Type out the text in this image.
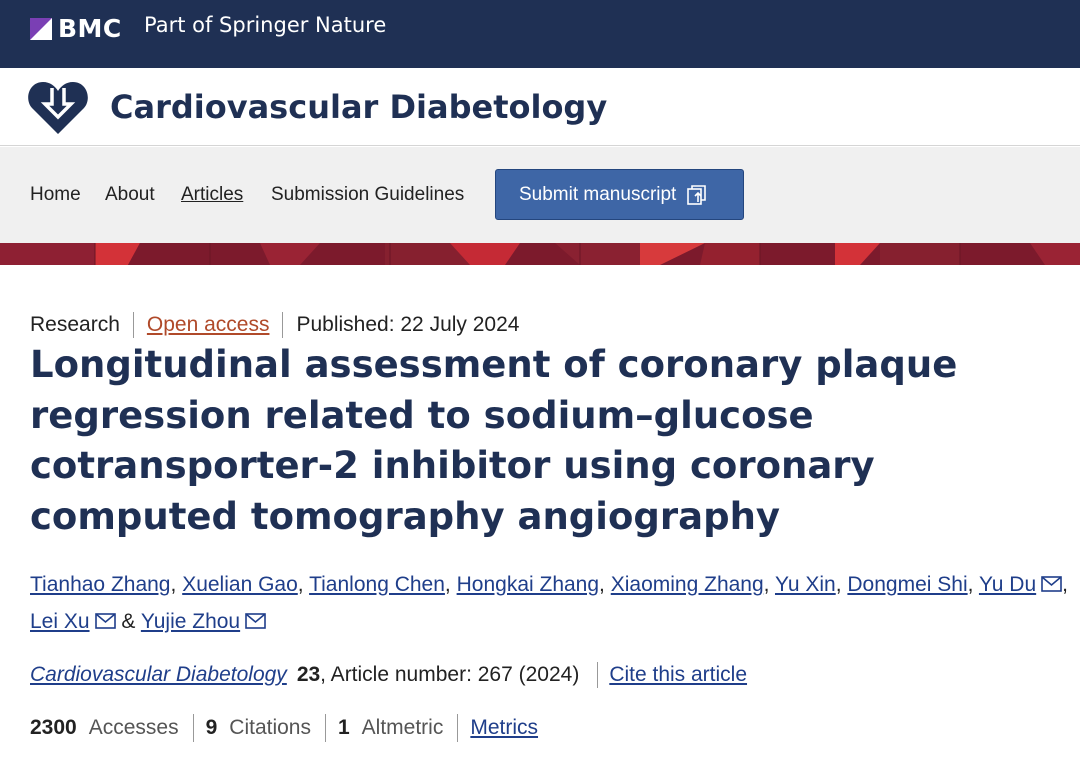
BMC Part of Springer Nature
Cardiovascular Diabetology
Home About Articles Submission Guidelines	Submit manuscript
Research Open access Published: 22 July 2024
Longitudinal assessment of coronary plaque regression related to sodium–glucose cotransporter-2 inhibitor using coronary computed tomography angiography
Tianhao Zhang, Xuelian Gao, Tianlong Chen, Hongkai Zhang, Xiaoming Zhang, Yu Xin, Dongmei Shi, Yu Du , Lei Xu & Yujie Zhou
Cardiovascular Diabetology 23 , Article number: 267 (2024) Cite this article
2300 Accesses 9 Citations 1 Altmetric Metrics
